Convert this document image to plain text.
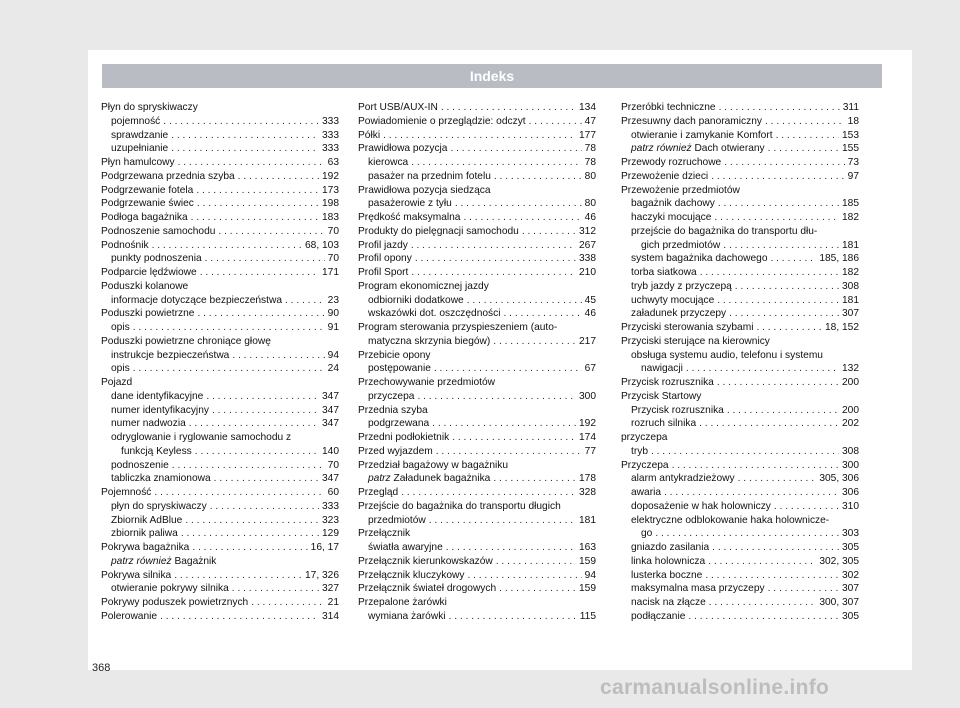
Indeks
Płyn do spryskiwaczy
pojemność . . .	333
sprawdzanie . . .	333
uzupełnianie . . .	333
Płyn hamulcowy . . .	63
Podgrzewana przednia szyba . . .	192
Podgrzewanie fotela . . .	173
Podgrzewanie świec . . .	198
Podłoga bagażnika . . .	183
Podnoszenie samochodu . . .	70
Podnośnik . . .	68, 103
punkty podnoszenia . . .	70
Podparcie lędźwiowe . . .	171
Poduszki kolanowe
informacje dotyczące bezpieczeństwa . . .	23
Poduszki powietrzne . . .	90
opis . . .	91
Poduszki powietrzne chroniące głowę
instrukcje bezpieczeństwa . . .	94
opis . . .	24
Pojazd
dane identyfikacyjne . . .	347
numer identyfikacyjny . . .	347
numer nadwozia . . .	347
odryglowanie i ryglowanie samochodu z
funkcją Keyless . . .	140
podnoszenie . . .	70
tabliczka znamionowa . . .	347
Pojemność . . .	60
płyn do spryskiwaczy . . .	333
Zbiornik AdBlue . . .	323
zbiornik paliwa . . .	129
Pokrywa bagażnika . . .	16, 17
patrz również Bagażnik
Pokrywa silnika . . .	17, 326
otwieranie pokrywy silnika . . .	327
Pokrywy poduszek powietrznych . . .	21
Polerowanie . . .	314
Port USB/AUX-IN . . .	134
Powiadomienie o przeglądzie: odczyt . . .	47
Półki . . .	177
Prawidłowa pozycja . . .	78
kierowca . . .	78
pasażer na przednim fotelu . . .	80
Prawidłowa pozycja siedząca
pasażerowie z tyłu . . .	80
Prędkość maksymalna . . .	46
Produkty do pielęgnacji samochodu . . .	312
Profil jazdy . . .	267
Profil opony . . .	338
Profil Sport . . .	210
Program ekonomicznej jazdy
odbiorniki dodatkowe . . .	45
wskazówki dot. oszczędności . . .	46
Program sterowania przyspieszeniem (auto-
matyczna skrzynia biegów) . . .	217
Przebicie opony
postępowanie . . .	67
Przechowywanie przedmiotów
przyczepa . . .	300
Przednia szyba
podgrzewana . . .	192
Przedni podłokietnik . . .	174
Przed wyjazdem . . .	77
Przedział bagażowy w bagażniku
patrz Załadunek bagażnika . . .	178
Przegląd . . .	328
Przejście do bagażnika do transportu długich
przedmiotów . . .	181
Przełącznik
światła awaryjne . . .	163
Przełącznik kierunkowskazów . . .	159
Przełącznik kluczykowy . . .	94
Przełącznik świateł drogowych . . .	159
Przepalone żarówki
wymiana żarówki . . .	115
Przeróbki techniczne . . .	311
Przesuwny dach panoramiczny . . .	18
otwieranie i zamykanie Komfort . . .	153
patrz również Dach otwierany . . .	155
Przewody rozruchowe . . .	73
Przewożenie dzieci . . .	97
Przewożenie przedmiotów
bagażnik dachowy . . .	185
haczyki mocujące . . .	182
przejście do bagażnika do transportu dłu-
gich przedmiotów . . .	181
system bagażnika dachowego . . .	185, 186
torba siatkowa . . .	182
tryb jazdy z przyczepą . . .	308
uchwyty mocujące . . .	181
załadunek przyczepy . . .	307
Przyciski sterowania szybami . . .	18, 152
Przyciski sterujące na kierownicy
obsługa systemu audio, telefonu i systemu
nawigacji . . .	132
Przycisk rozrusznika . . .	200
Przycisk Startowy
Przycisk rozrusznika . . .	200
rozruch silnika . . .	202
przyczepa
tryb . . .	308
Przyczepa . . .	300
alarm antykradzieżowy . . .	305, 306
awaria . . .	306
doposażenie w hak holowniczy . . .	310
elektryczne odblokowanie haka holownicze-
go . . .	303
gniazdo zasilania . . .	305
linka holownicza . . .	302, 305
lusterka boczne . . .	302
maksymalna masa przyczepy . . .	307
nacisk na złącze . . .	300, 307
podłączanie . . .	305
368
carmanualsonline.info
